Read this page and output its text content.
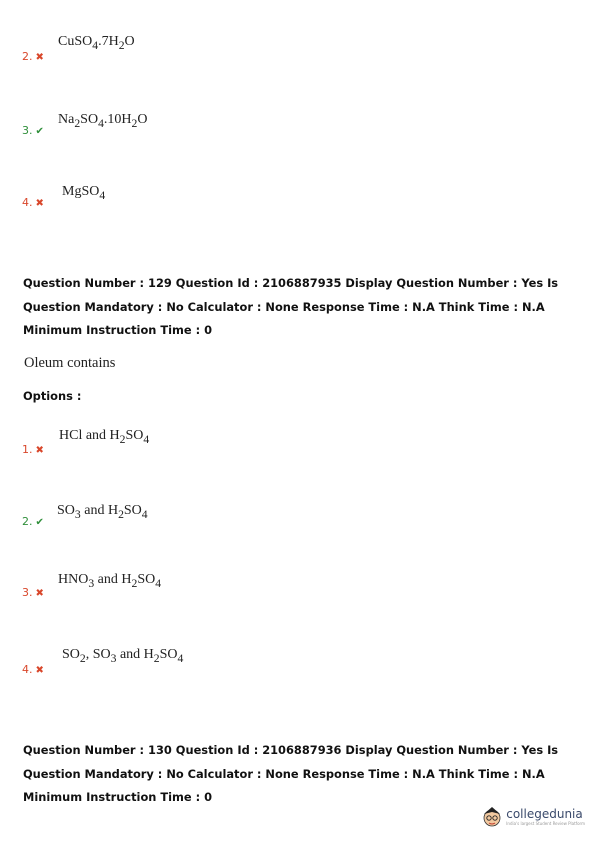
$CuSO_4.7H_2O$
2. ✖
$Na_2SO_4.10H_2O$
3. ✔
MgSO$_4$
4. ✖
Question Number : 129 Question Id : 2106887935 Display Question Number : Yes Is Question Mandatory : No Calculator : None Response Time : N.A Think Time : N.A Minimum Instruction Time : 0
Oleum contains
Options :
HCl and $H_2SO_4$
1. ✖
$SO_3$ and $H_2SO_4$
2. ✔
$HNO_3$ and $H_2SO_4$
3. ✖
$SO_2$, $SO_3$ and $H_2SO_4$
4. ✖
Question Number : 130 Question Id : 2106887936 Display Question Number : Yes Is Question Mandatory : No Calculator : None Response Time : N.A Think Time : N.A Minimum Instruction Time : 0
collegedunia
India's largest Student Review Platform
